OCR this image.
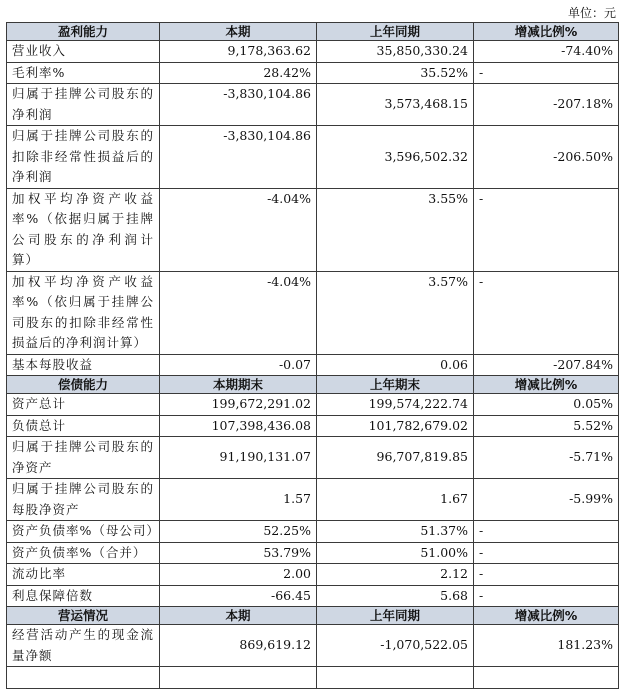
单位：元
盈利能力	本期	上年同期	增减比例%
营业收入	9,178,363.62	35,850,330.24	-74.40%
毛利率%	28.42%	35.52%	-
归属于挂牌公司股东的净利润	-3,830,104.86	3,573,468.15	-207.18%
归属于挂牌公司股东的扣除非经常性损益后的净利润	-3,830,104.86	3,596,502.32	-206.50%
加权平均净资产收益率%（依据归属于挂牌公司股东的净利润计算）	-4.04%	3.55%	-
加权平均净资产收益率%（依归属于挂牌公司股东的扣除非经常性损益后的净利润计算）	-4.04%	3.57%	-
基本每股收益	-0.07	0.06	-207.84%
偿债能力	本期期末	上年期末	增减比例%
资产总计	199,672,291.02	199,574,222.74	0.05%
负债总计	107,398,436.08	101,782,679.02	5.52%
归属于挂牌公司股东的净资产	91,190,131.07	96,707,819.85	-5.71%
归属于挂牌公司股东的每股净资产	1.57	1.67	-5.99%
资产负债率%（母公司）	52.25%	51.37%	-
资产负债率%（合并）	53.79%	51.00%	-
流动比率	2.00	2.12	-
利息保障倍数	-66.45	5.68	-
营运情况	本期	上年同期	增减比例%
经营活动产生的现金流量净额	869,619.12	-1,070,522.05	181.23%
